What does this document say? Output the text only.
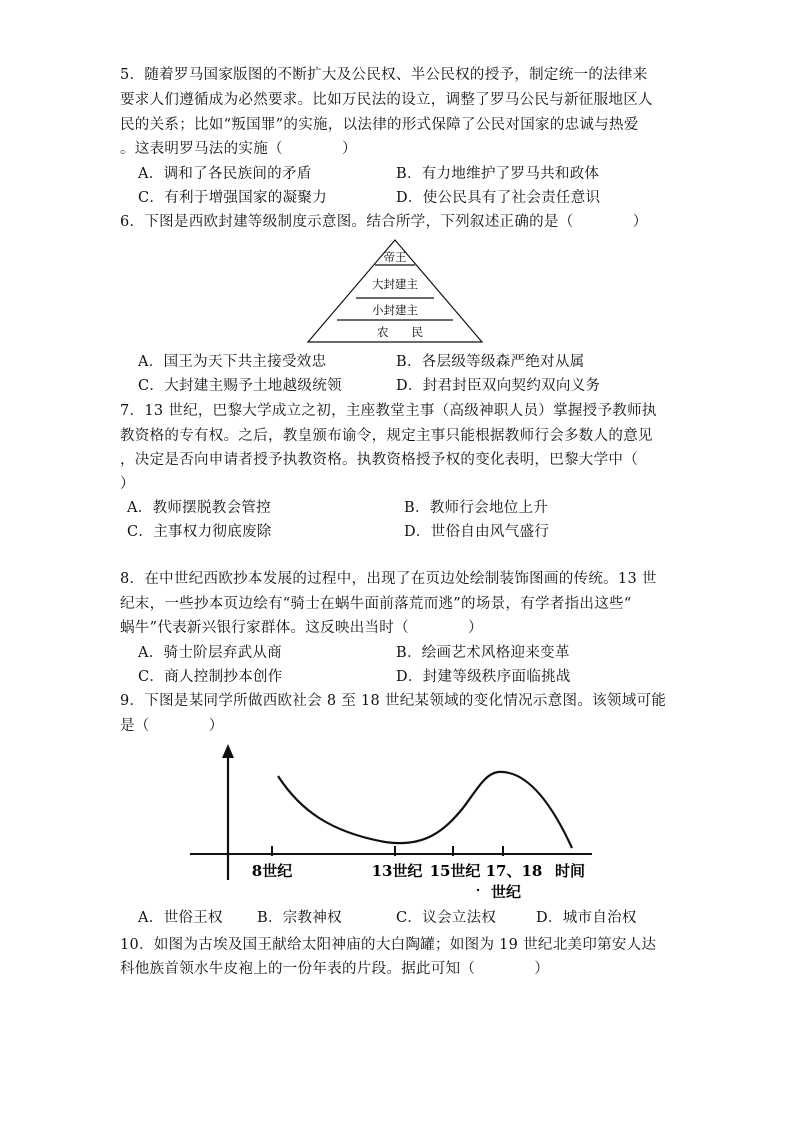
5．随着罗马国家版图的不断扩大及公民权、半公民权的授予，制定统一的法律来
要求人们遵循成为必然要求。比如万民法的设立，调整了罗马公民与新征服地区人
民的关系；比如“叛国罪”的实施，以法律的形式保障了公民对国家的忠诚与热爱
。这表明罗马法的实施（　　　　）
A．调和了各民族间的矛盾	B．有力地维护了罗马共和政体
C．有利于增强国家的凝聚力	D．使公民具有了社会责任意识
6．下图是西欧封建等级制度示意图。结合所学，下列叙述正确的是（　　　　）
帝王
大封建主
小封建主
农　　民
A．国王为天下共主接受效忠	B．各层级等级森严绝对从属
C．大封建主赐予土地越级统领	D．封君封臣双向契约双向义务
7．13 世纪，巴黎大学成立之初，主座教堂主事（高级神职人员）掌握授予教师执
教资格的专有权。之后，教皇颁布谕令，规定主事只能根据教师行会多数人的意见
，决定是否向申请者授予执教资格。执教资格授予权的变化表明，巴黎大学中（
）
A．教师摆脱教会管控	B．教师行会地位上升
C．主事权力彻底废除	D．世俗自由风气盛行
8．在中世纪西欧抄本发展的过程中，出现了在页边处绘制装饰图画的传统。13 世
纪末，一些抄本页边绘有“骑士在蜗牛面前落荒而逃”的场景，有学者指出这些“
蜗牛”代表新兴银行家群体。这反映出当时（　　　　）
A．骑士阶层弃武从商	B．绘画艺术风格迎来变革
C．商人控制抄本创作	D．封建等级秩序面临挑战
9．下图是某同学所做西欧社会 8 至 18 世纪某领域的变化情况示意图。该领域可能
是（　　　　）
8世纪	13世纪 15世纪 17、18
世纪
时间
A．世俗王权 B．宗教神权	C．议会立法权	D．城市自治权
10．如图为古埃及国王献给太阳神庙的大白陶罐；如图为 19 世纪北美印第安人达
科他族首领水牛皮袍上的一份年表的片段。据此可知（　　　　）
